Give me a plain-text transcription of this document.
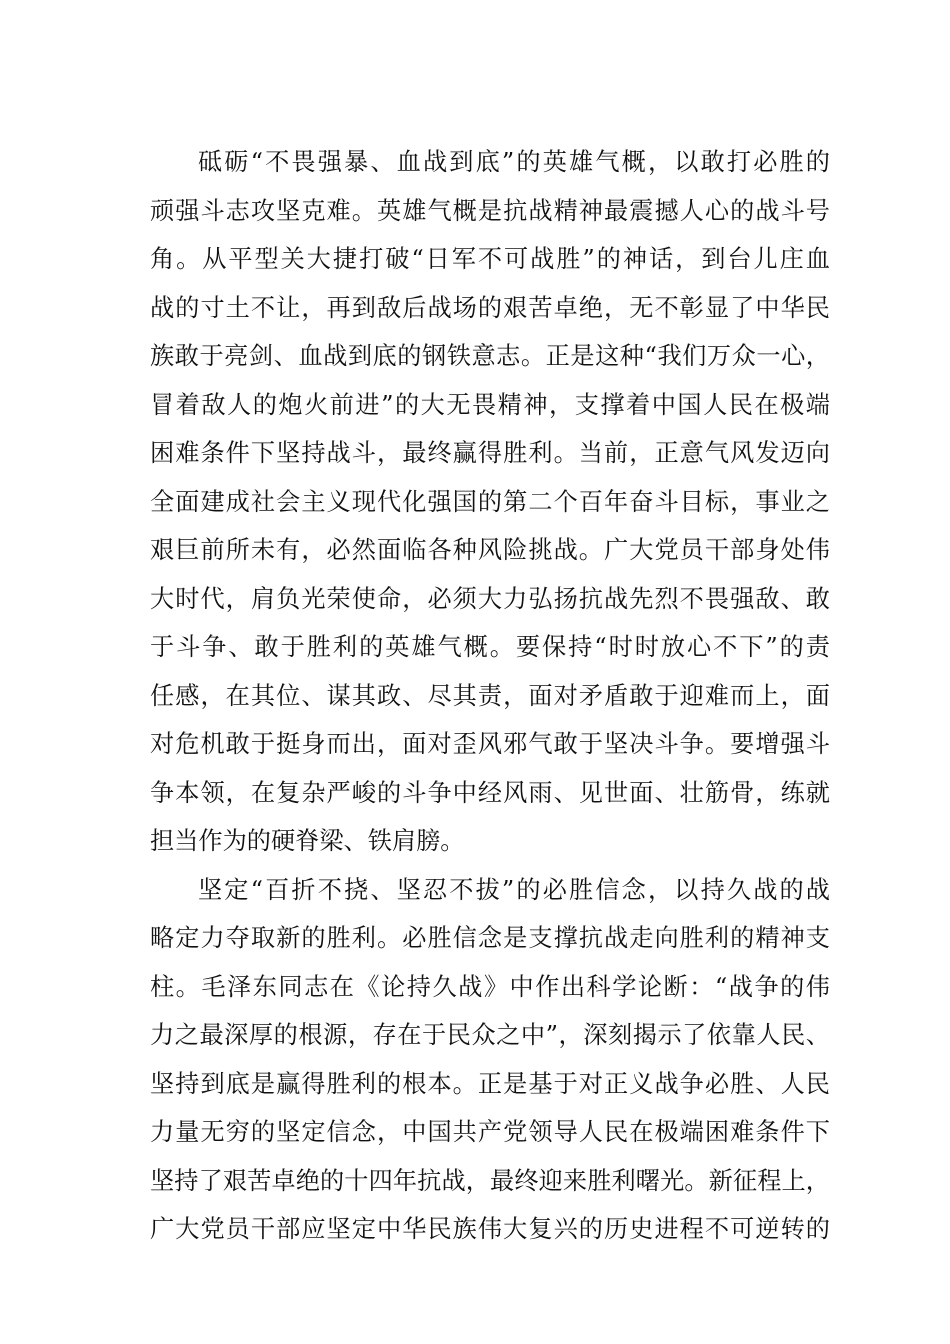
砥砺“不畏强暴、血战到底”的英雄气概，以敢打必胜的
顽强斗志攻坚克难。英雄气概是抗战精神最震撼人心的战斗号
角。从平型关大捷打破“日军不可战胜”的神话，到台儿庄血
战的寸土不让，再到敌后战场的艰苦卓绝，无不彰显了中华民
族敢于亮剑、血战到底的钢铁意志。正是这种“我们万众一心，
冒着敌人的炮火前进”的大无畏精神，支撑着中国人民在极端
困难条件下坚持战斗，最终赢得胜利。当前，正意气风发迈向
全面建成社会主义现代化强国的第二个百年奋斗目标，事业之
艰巨前所未有，必然面临各种风险挑战。广大党员干部身处伟
大时代，肩负光荣使命，必须大力弘扬抗战先烈不畏强敌、敢
于斗争、敢于胜利的英雄气概。要保持“时时放心不下”的责
任感，在其位、谋其政、尽其责，面对矛盾敢于迎难而上，面
对危机敢于挺身而出，面对歪风邪气敢于坚决斗争。要增强斗
争本领，在复杂严峻的斗争中经风雨、见世面、壮筋骨，练就
担当作为的硬脊梁、铁肩膀。
坚定“百折不挠、坚忍不拔”的必胜信念，以持久战的战
略定力夺取新的胜利。必胜信念是支撑抗战走向胜利的精神支
柱。毛泽东同志在《论持久战》中作出科学论断：“战争的伟
力之最深厚的根源，存在于民众之中”，深刻揭示了依靠人民、
坚持到底是赢得胜利的根本。正是基于对正义战争必胜、人民
力量无穷的坚定信念，中国共产党领导人民在极端困难条件下
坚持了艰苦卓绝的十四年抗战，最终迎来胜利曙光。新征程上，
广大党员干部应坚定中华民族伟大复兴的历史进程不可逆转的
